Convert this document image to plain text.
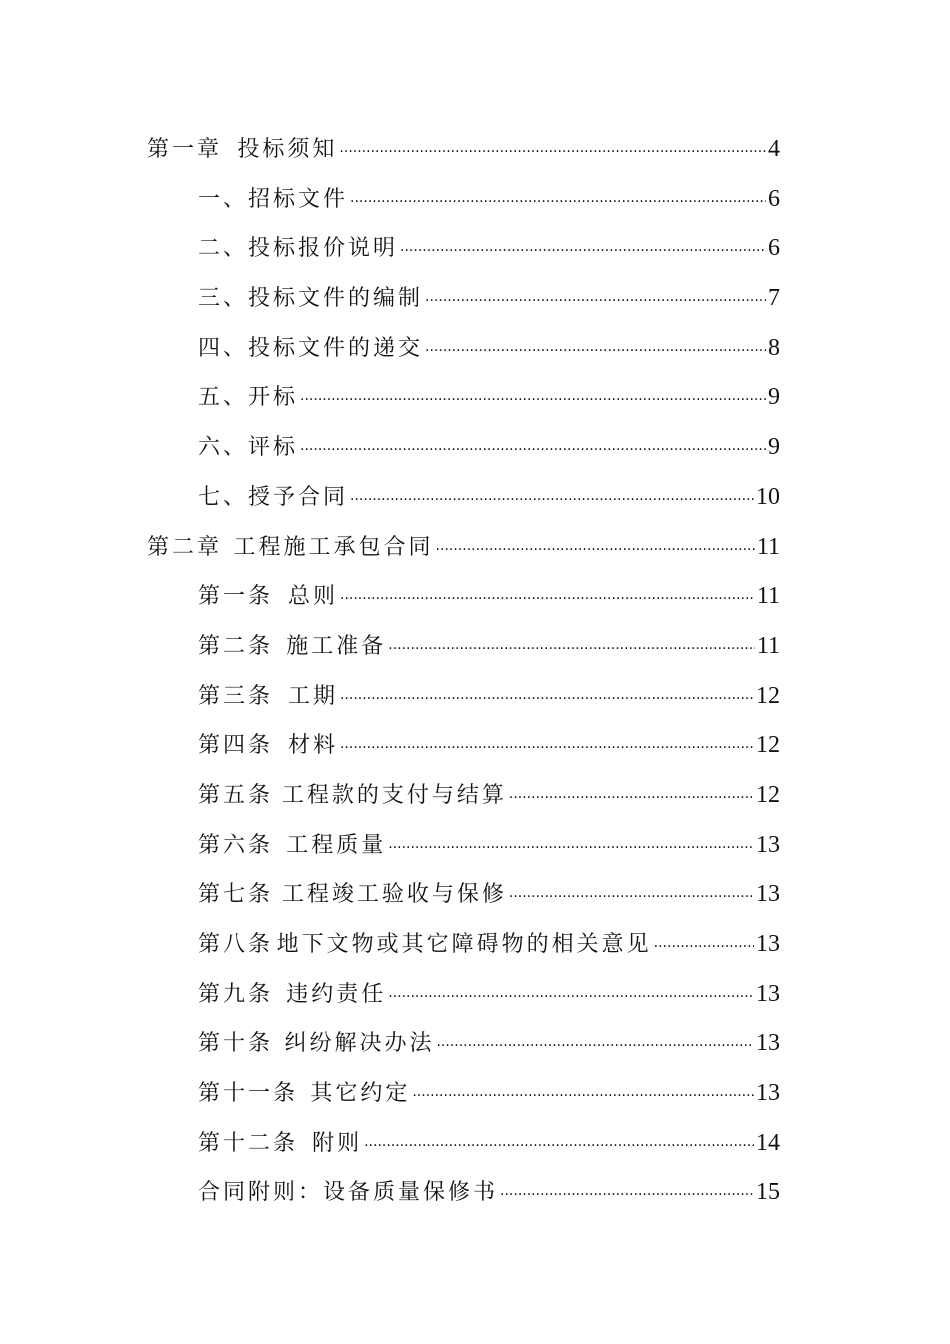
第一章 投标须知 ·····	4
一、招标文件 ·····	6
二、投标报价说明 ·····	6
三、投标文件的编制 ·····	7
四、投标文件的递交 ·····	8
五、开标 ·····	9
六、评标 ·····	9
七、授予合同 ·····	10
第二章 工程施工承包合同 ·····	11
第一条 总则 ·····	11
第二条 施工准备 ·····	11
第三条 工期 ·····	12
第四条 材料 ·····	12
第五条 工程款的支付与结算 ·····	12
第六条 工程质量 ·····	13
第七条 工程竣工验收与保修 ·····	13
第八条 地下文物或其它障碍物的相关意见 ·····	13
第九条 违约责任 ·····	13
第十条 纠纷解决办法 ·····	13
第十一条 其它约定 ·····	13
第十二条 附则 ·····	14
合同附则：设备质量保修书 ·····	15
